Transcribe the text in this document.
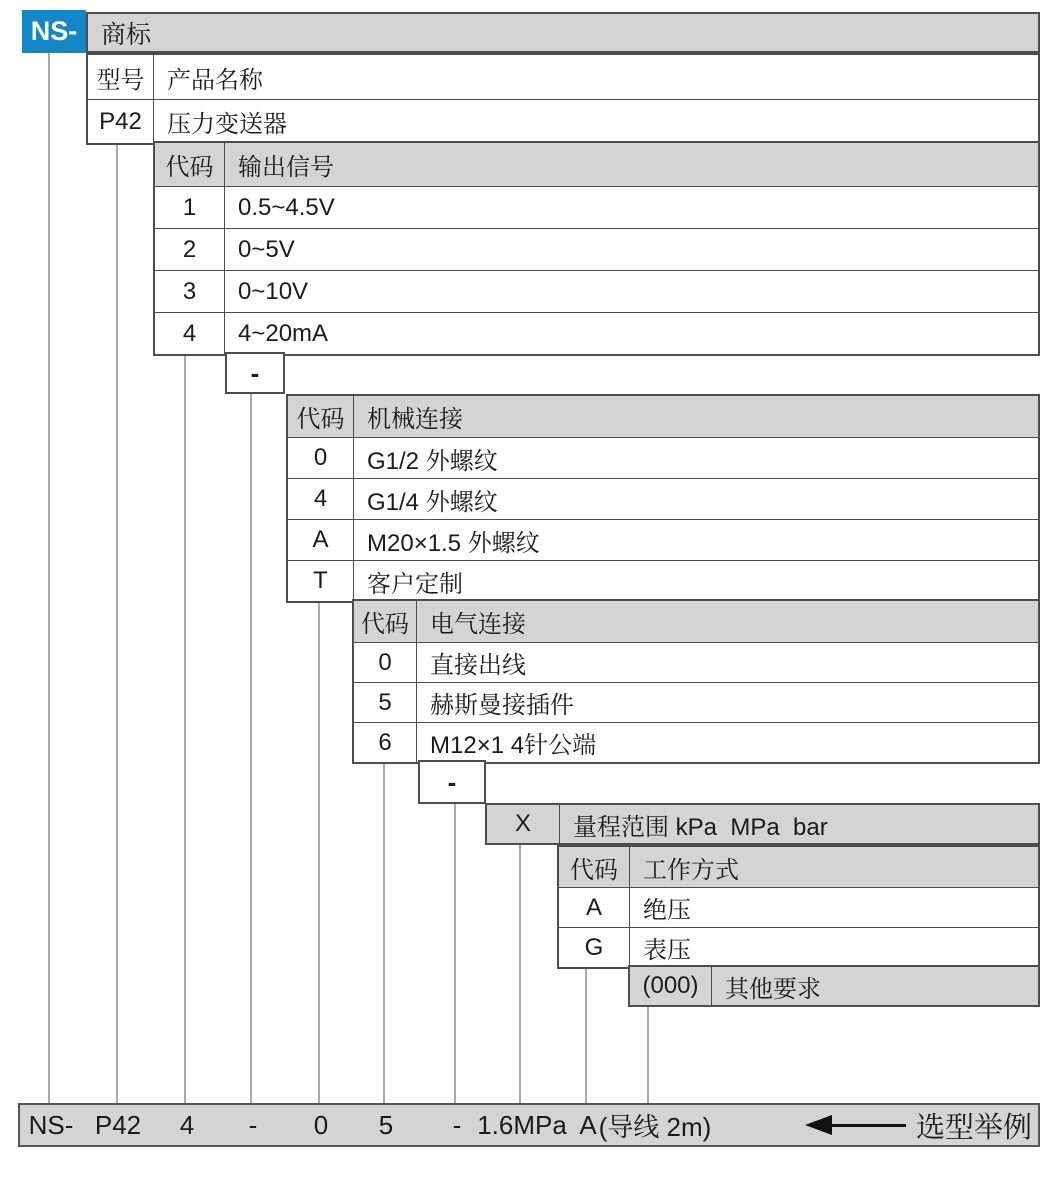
NS- 商标
型号 产品名称
P42	压力变送器
代码	输出信号
1	0.5~4.5V
2	0~5V
3	0~10V
4	4~20mA
-
代码 机械连接
0	G1/2 外螺纹
4	G1/4 外螺纹
A	M20×1.5 外螺纹
T	客户定制
代码 电气连接
0	直接出线
5	赫斯曼接插件
6	M12×1 4针公端
-
X	量程范围 kPa  MPa  bar
代码	工作方式
A	绝压
G	表压
(000)	其他要求
NS- P42 4 - 0 5 - 1.6MPa A (导线 2m)	选型举例
